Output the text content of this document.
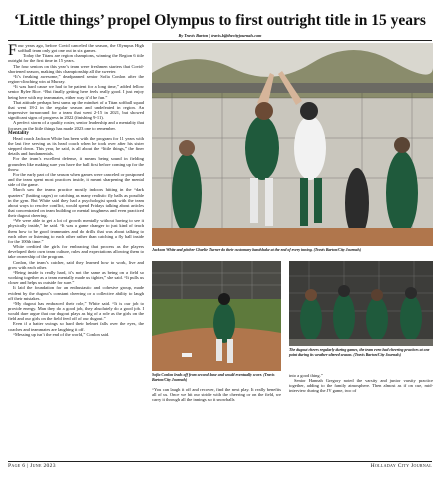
‘Little things’ propel Olympus to first outright title in 15 years
By Travis Barton | travis.b@thecityjournals.com

Four years ago, before Covid canceled the season, the Olympus High softball team only got one out in six games.

Today the Titans are region champions, winning the Region 6 title outright for the first time in 15 years.

The four seniors on this year’s team were freshmen starters that Covid-shortened season, making this championship all the sweeter.

“It’s freaking awesome,” deadpanned senior Sofia Conlon after the region-clinching win at Murray.

“It was hard cause we had to be patient for a long time,” added fellow senior Rylee Rice. “But finally getting here feels really good. I just enjoy being here with my teammates, either way it’d be fun.”

That attitude perhaps best sums up the mindset of a Titan softball squad that went 18-2 in the regular season and undefeated in region. An impressive turnaround for a team that went 2-15 in 2021, but showed significant signs of progress in 2022 (finishing 9-11).

A perfect storm of a quality roster, senior leadership and a mentality that focuses on the little things has made 2023 one to remember.

Mentality

Head coach Jackson White has been with the program for 11 years with the last five serving as its head coach when he took over after his sister stepped down. This year, he said, is all about the “little things,” the finer details and fundamentals.

For the team’s excellent defense, it means being sound in fielding grounders like making sure you have the ball first before coming up for the throw.

For the early part of the season when games were canceled or postponed and the team spent most practices inside, it meant sharpening the mental side of the game.

March saw the teams practice mostly indoors hitting in the “dark quarters” (batting cages) or catching as many realistic fly balls as possible in the gym. But White said they had a psychologist speak with the team about ways to resolve conflict, would spend Fridays talking about articles that concentrated on team building or mental toughness and even practiced their dugout cheering.

“We were able to get a lot of growth mentally without having to see it physically inside,” he said. “It was a game changer to just kind of teach them how to be good teammates and do drills that was about talking to each other or listening to each other rather than catching a fly ball inside for the 100th time.”

White credited the girls for embracing that process as the players developed their own team culture, rules and expectations allowing them to take ownership of the program.

Conlon, the team’s catcher, said they learned how to work, live and grow with each other.

“Being inside is really hard, it’s not the same as being on a field so working together as a team mentally made us tighter,” she said. “It pulls us closer and helps us outside for sure.”

It laid the foundation for an enthusiastic and cohesive group, made evident by the dugout’s constant cheering or a collective ability to laugh off their mistakes.

“My dugout has embraced their role,” White said. “It is our job to provide energy. Man they do a good job, they absolutely do a good job. I would dare argue that our dugout plays as big of a role as the girls on the field and our girls on the field feed off of our dugout.”

Even if a batter swings so hard their helmet falls over the eyes, the coaches and teammates are laughing it off.

“Messing up isn’t the end of the world,” Conlon said.

Jackson White and pitcher Charlie Turner do their customary handshake at the end of every inning. (Travis Barton/City Journals)
Sofia Conlon leads off from second base and would eventually score. (Travis Barton/City Journals)
The dugout cheers regularly during games, the team even had cheering practices at one point during its weather-altered season. (Travis Barton/City Journals)

“You can laugh it off and recover, find the next play. It really benefits all of us. Once we hit our stride with the cheering or on the field, we carry it through all the innings so it snowballs

into a good thing.”

Senior Hannah Gregory noted the varsity and junior varsity practice together, adding to the family atmosphere. Then almost as if on cue, mid-interview during the JV game, two of

Page 6 | June 2023	Holladay City Journal
